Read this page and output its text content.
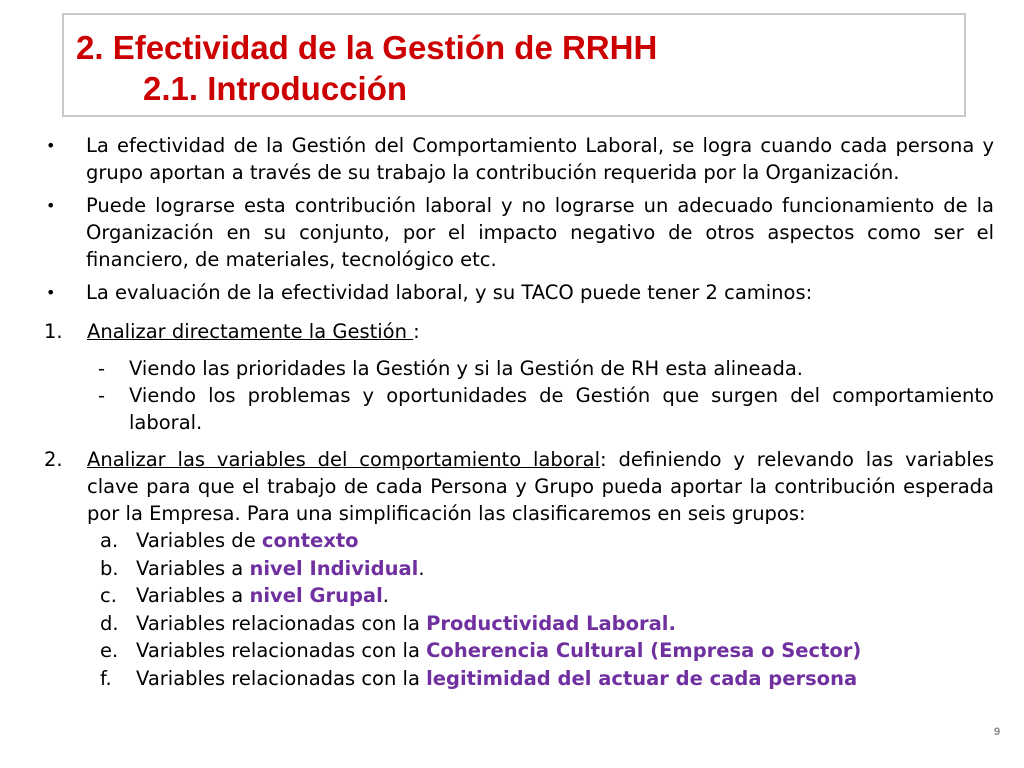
2. Efectividad de la Gestión de RRHH
2.1. Introducción
•	La efectividad de la Gestión del Comportamiento Laboral, se logra cuando cada persona y grupo aportan a través de su trabajo la contribución requerida por la Organización.
•	Puede lograrse esta contribución laboral y no lograrse un adecuado funcionamiento de la Organización en su conjunto, por el impacto negativo de otros aspectos como ser el financiero, de materiales, tecnológico etc.
•	La evaluación de la efectividad laboral, y su TACO puede tener 2 caminos:
1.	Analizar directamente la Gestión :
-	Viendo las prioridades la Gestión y si la Gestión de RH esta alineada.
-	Viendo los problemas y oportunidades de Gestión que surgen del comportamiento laboral.
2.	Analizar las variables del comportamiento laboral: definiendo y relevando las variables clave para que el trabajo de cada Persona y Grupo pueda aportar la contribución esperada por la Empresa. Para una simplificación las clasificaremos en seis grupos:
a. Variables de contexto
b. Variables a nivel Individual.
c. Variables a nivel Grupal.
d. Variables relacionadas con la Productividad Laboral.
e. Variables relacionadas con la Coherencia Cultural (Empresa o Sector)
f.	Variables relacionadas con la legitimidad del actuar de cada persona
9
